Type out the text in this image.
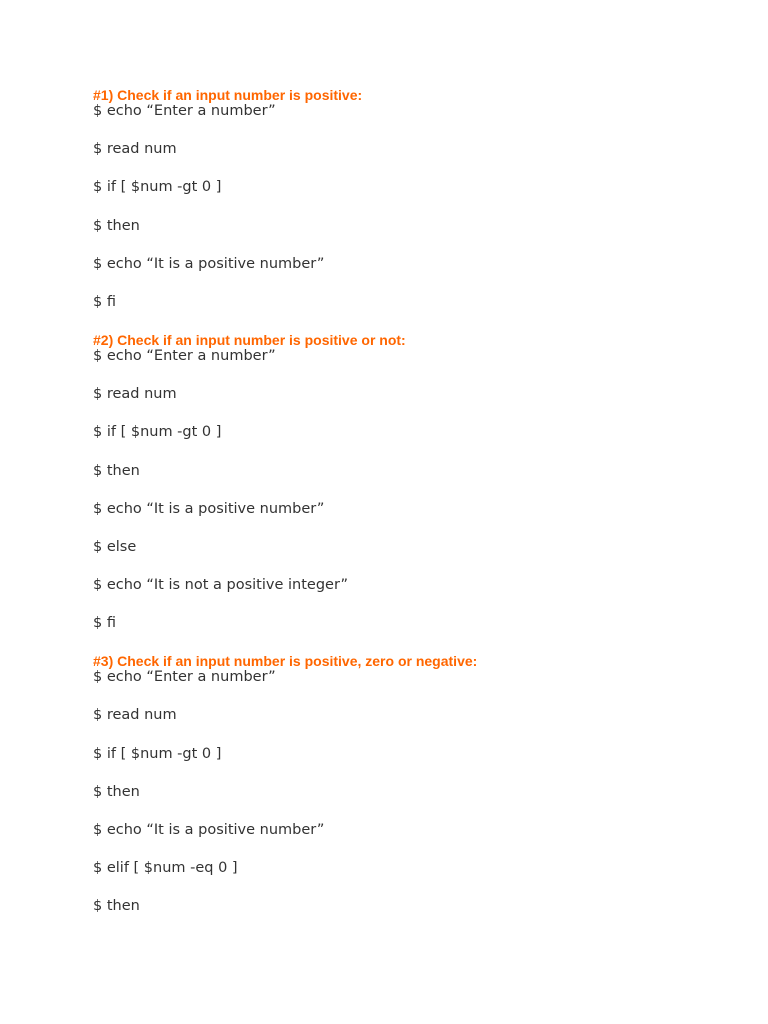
#1) Check if an input number is positive:
$ echo “Enter a number”
$ read num
$ if [ $num -gt 0 ]
$ then
$ echo “It is a positive number”
$ fi
#2) Check if an input number is positive or not:
$ echo “Enter a number”
$ read num
$ if [ $num -gt 0 ]
$ then
$ echo “It is a positive number”
$ else
$ echo “It is not a positive integer”
$ fi
#3) Check if an input number is positive, zero or negative:
$ echo “Enter a number”
$ read num
$ if [ $num -gt 0 ]
$ then
$ echo “It is a positive number”
$ elif [ $num -eq 0 ]
$ then
